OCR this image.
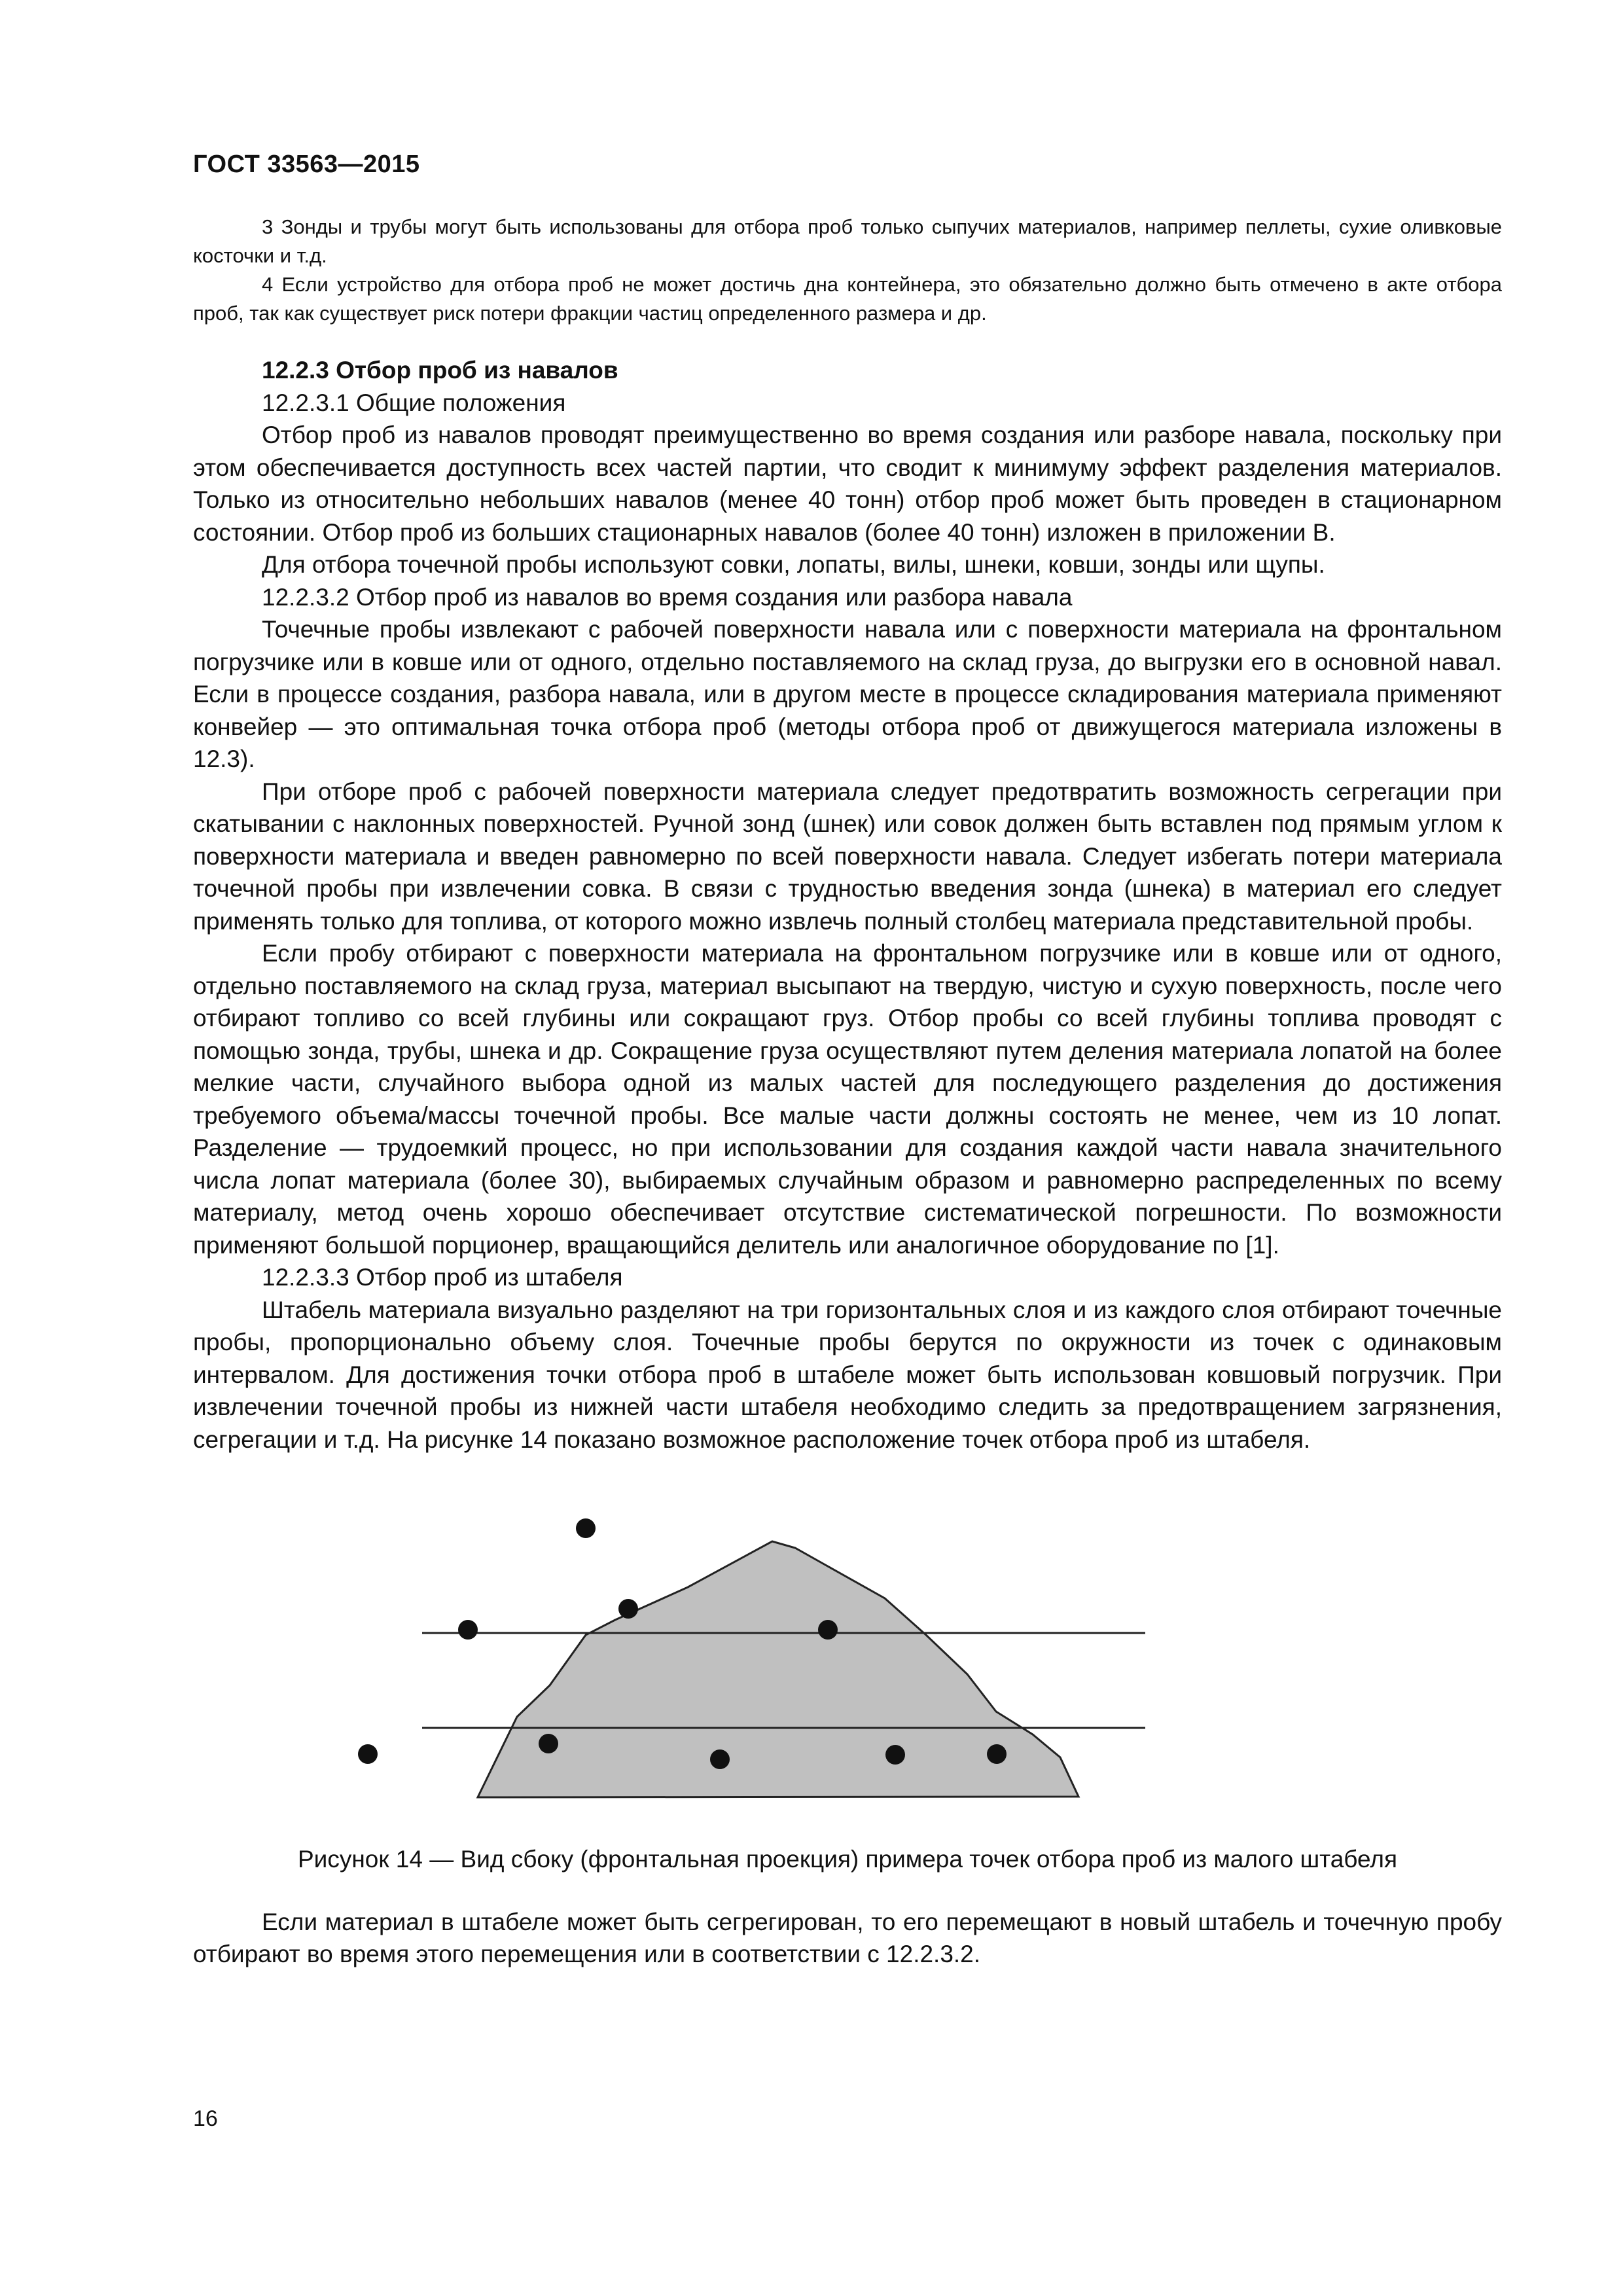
ГОСТ 33563—2015

3 Зонды и трубы могут быть использованы для отбора проб только сыпучих материалов, например пеллеты, сухие оливковые косточки и т.д.

4 Если устройство для отбора проб не может достичь дна контейнера, это обязательно должно быть отмечено в акте отбора проб, так как существует риск потери фракции частиц определенного размера и др.

12.2.3 Отбор проб из навалов

12.2.3.1 Общие положения

Отбор проб из навалов проводят преимущественно во время создания или разборе навала, поскольку при этом обеспечивается доступность всех частей партии, что сводит к минимуму эффект разделения материалов. Только из относительно небольших навалов (менее 40 тонн) отбор проб может быть проведен в стационарном состоянии. Отбор проб из больших стационарных навалов (более 40 тонн) изложен в приложении В.

Для отбора точечной пробы используют совки, лопаты, вилы, шнеки, ковши, зонды или щупы.

12.2.3.2 Отбор проб из навалов во время создания или разбора навала

Точечные пробы извлекают с рабочей поверхности навала или с поверхности материала на фронтальном погрузчике или в ковше или от одного, отдельно поставляемого на склад груза, до выгрузки его в основной навал. Если в процессе создания, разбора навала, или в другом месте в процессе складирования материала применяют конвейер — это оптимальная точка отбора проб (методы отбора проб от движущегося материала изложены в 12.3).

При отборе проб с рабочей поверхности материала следует предотвратить возможность сегрегации при скатывании с наклонных поверхностей. Ручной зонд (шнек) или совок должен быть вставлен под прямым углом к поверхности материала и введен равномерно по всей поверхности навала. Следует избегать потери материала точечной пробы при извлечении совка. В связи с трудностью введения зонда (шнека) в материал его следует применять только для топлива, от которого можно извлечь полный столбец материала представительной пробы.

Если пробу отбирают с поверхности материала на фронтальном погрузчике или в ковше или от одного, отдельно поставляемого на склад груза, материал высыпают на твердую, чистую и сухую поверхность, после чего отбирают топливо со всей глубины или сокращают груз. Отбор пробы со всей глубины топлива проводят с помощью зонда, трубы, шнека и др. Сокращение груза осуществляют путем деления материала лопатой на более мелкие части, случайного выбора одной из малых частей для последующего разделения до достижения требуемого объема/массы точечной пробы. Все малые части должны состоять не менее, чем из 10 лопат. Разделение — трудоемкий процесс, но при использовании для создания каждой части навала значительного числа лопат материала (более 30), выбираемых случайным образом и равномерно распределенных по всему материалу, метод очень хорошо обеспечивает отсутствие систематической погрешности. По возможности применяют большой порционер, вращающийся делитель или аналогичное оборудование по [1].

12.2.3.3 Отбор проб из штабеля

Штабель материала визуально разделяют на три горизонтальных слоя и из каждого слоя отбирают точечные пробы, пропорционально объему слоя. Точечные пробы берутся по окружности из точек с одинаковым интервалом. Для достижения точки отбора проб в штабеле может быть использован ковшовый погрузчик. При извлечении точечной пробы из нижней части штабеля необходимо следить за предотвращением загрязнения, сегрегации и т.д. На рисунке 14 показано возможное расположение точек отбора проб из штабеля.

Рисунок 14 — Вид сбоку (фронтальная проекция) примера точек отбора проб из малого штабеля

Если материал в штабеле может быть сегрегирован, то его перемещают в новый штабель и точечную пробу отбирают во время этого перемещения или в соответствии с 12.2.3.2.

16
